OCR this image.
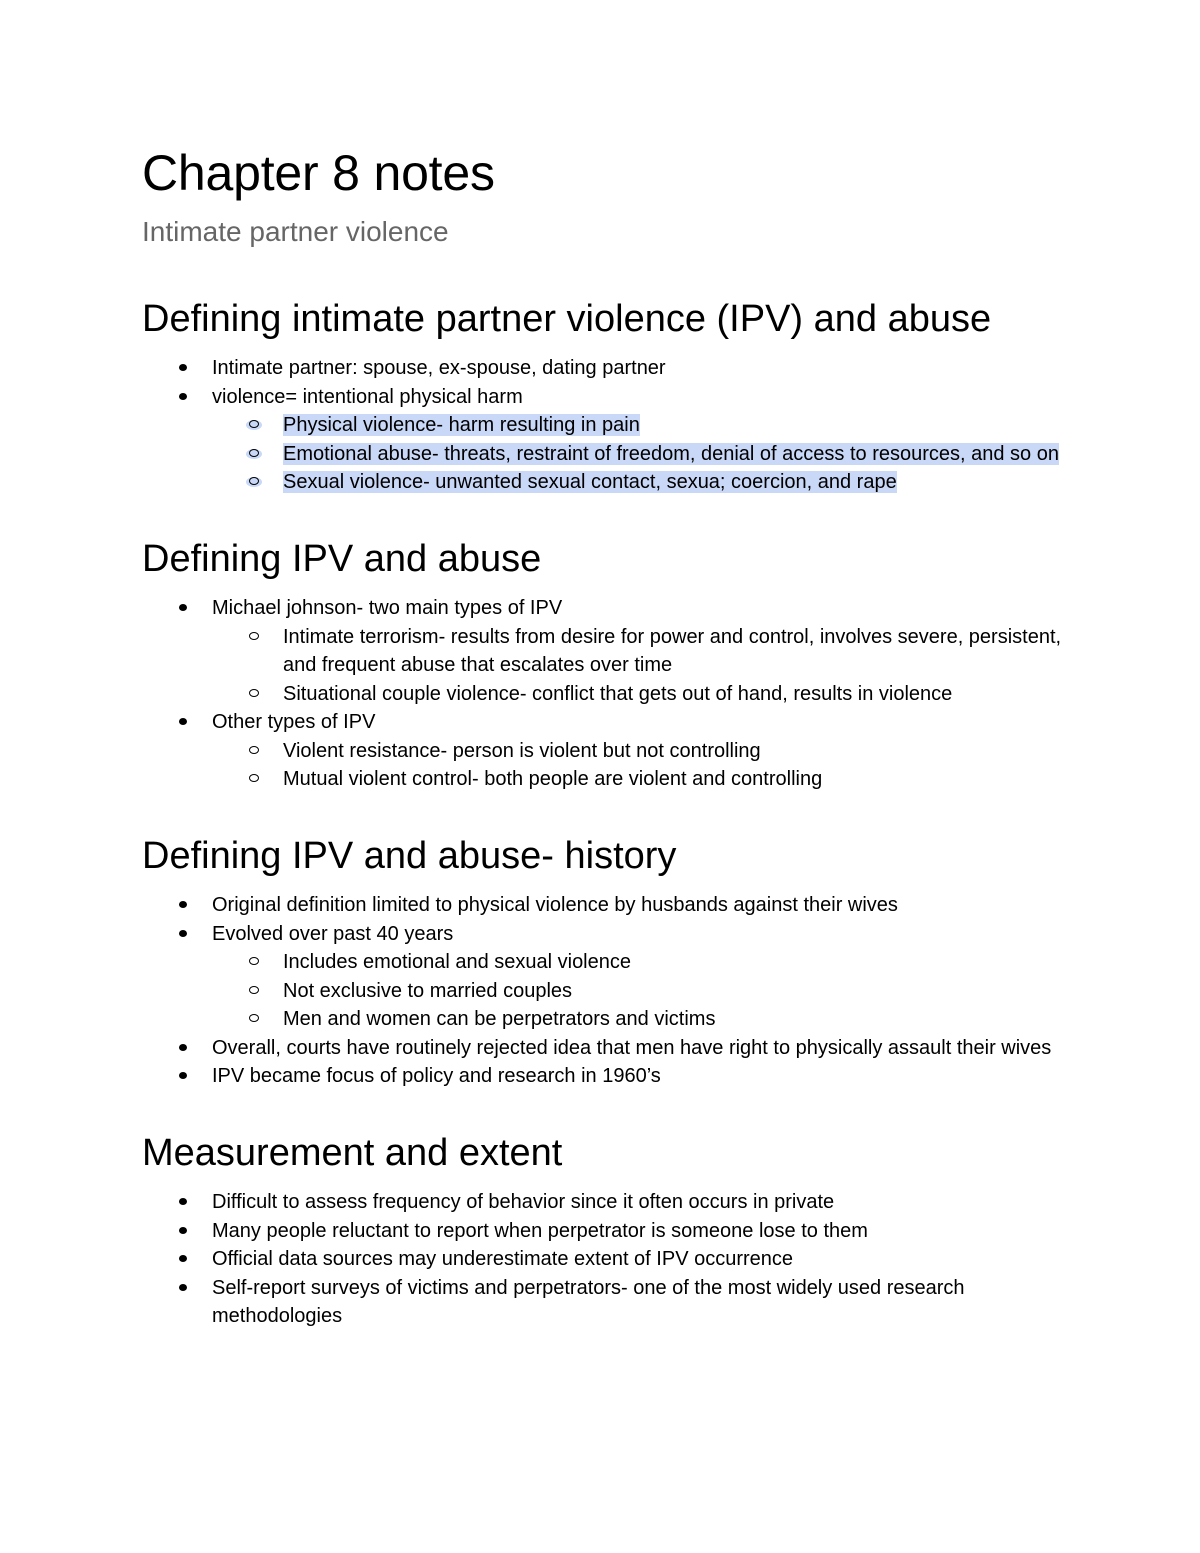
Chapter 8 notes
Intimate partner violence
Defining intimate partner violence (IPV) and abuse
Intimate partner: spouse, ex-spouse, dating partner
violence= intentional physical harm
Physical violence- harm resulting in pain
Emotional abuse- threats, restraint of freedom, denial of access to resources, and so on
Sexual violence- unwanted sexual contact, sexua; coercion, and rape
Defining IPV and abuse
Michael johnson- two main types of IPV
Intimate terrorism- results from desire for power and control, involves severe, persistent, and frequent abuse that escalates over time
Situational couple violence- conflict that gets out of hand, results in violence
Other types of IPV
Violent resistance- person is violent but not controlling
Mutual violent control- both people are violent and controlling
Defining IPV and abuse- history
Original definition limited to physical violence by husbands against their wives
Evolved over past 40 years
Includes emotional and sexual violence
Not exclusive to married couples
Men and women can be perpetrators and victims
Overall, courts have routinely rejected idea that men have right to physically assault their wives
IPV became focus of policy and research in 1960’s
Measurement and extent
Difficult to assess frequency of behavior since it often occurs in private
Many people reluctant to report when perpetrator is someone lose to them
Official data sources may underestimate extent of IPV occurrence
Self-report surveys of victims and perpetrators- one of the most widely used research methodologies
